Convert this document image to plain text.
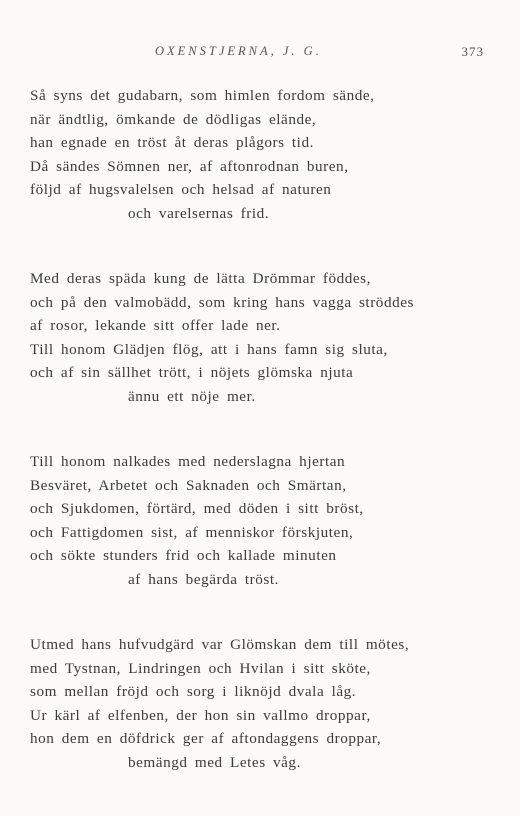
OXENSTJERNA, J. G.	373
Så syns det gudabarn, som himlen fordom sände,
när ändtlig, ömkande de dödligas elände,
han egnade en tröst åt deras plågors tid.
Då sändes Sömnen ner, af aftonrodnan buren,
följd af hugsvalelsen och helsad af naturen
och varelsernas frid.
Med deras späda kung de lätta Drömmar föddes,
och på den valmobädd, som kring hans vagga ströddes
af rosor, lekande sitt offer lade ner.
Till honom Glädjen flög, att i hans famn sig sluta,
och af sin sällhet trött, i nöjets glömska njuta
ännu ett nöje mer.
Till honom nalkades med nederslagna hjertan
Besväret, Arbetet och Saknaden och Smärtan,
och Sjukdomen, förtärd, med döden i sitt bröst,
och Fattigdomen sist, af menniskor förskjuten,
och sökte stunders frid och kallade minuten
af hans begärda tröst.
Utmed hans hufvudgärd var Glömskan dem till mötes,
med Tystnan, Lindringen och Hvilan i sitt sköte,
som mellan fröjd och sorg i liknöjd dvala låg.
Ur kärl af elfenben, der hon sin vallmo droppar,
hon dem en döfdrick ger af aftondaggens droppar,
bemängd med Letes våg.
